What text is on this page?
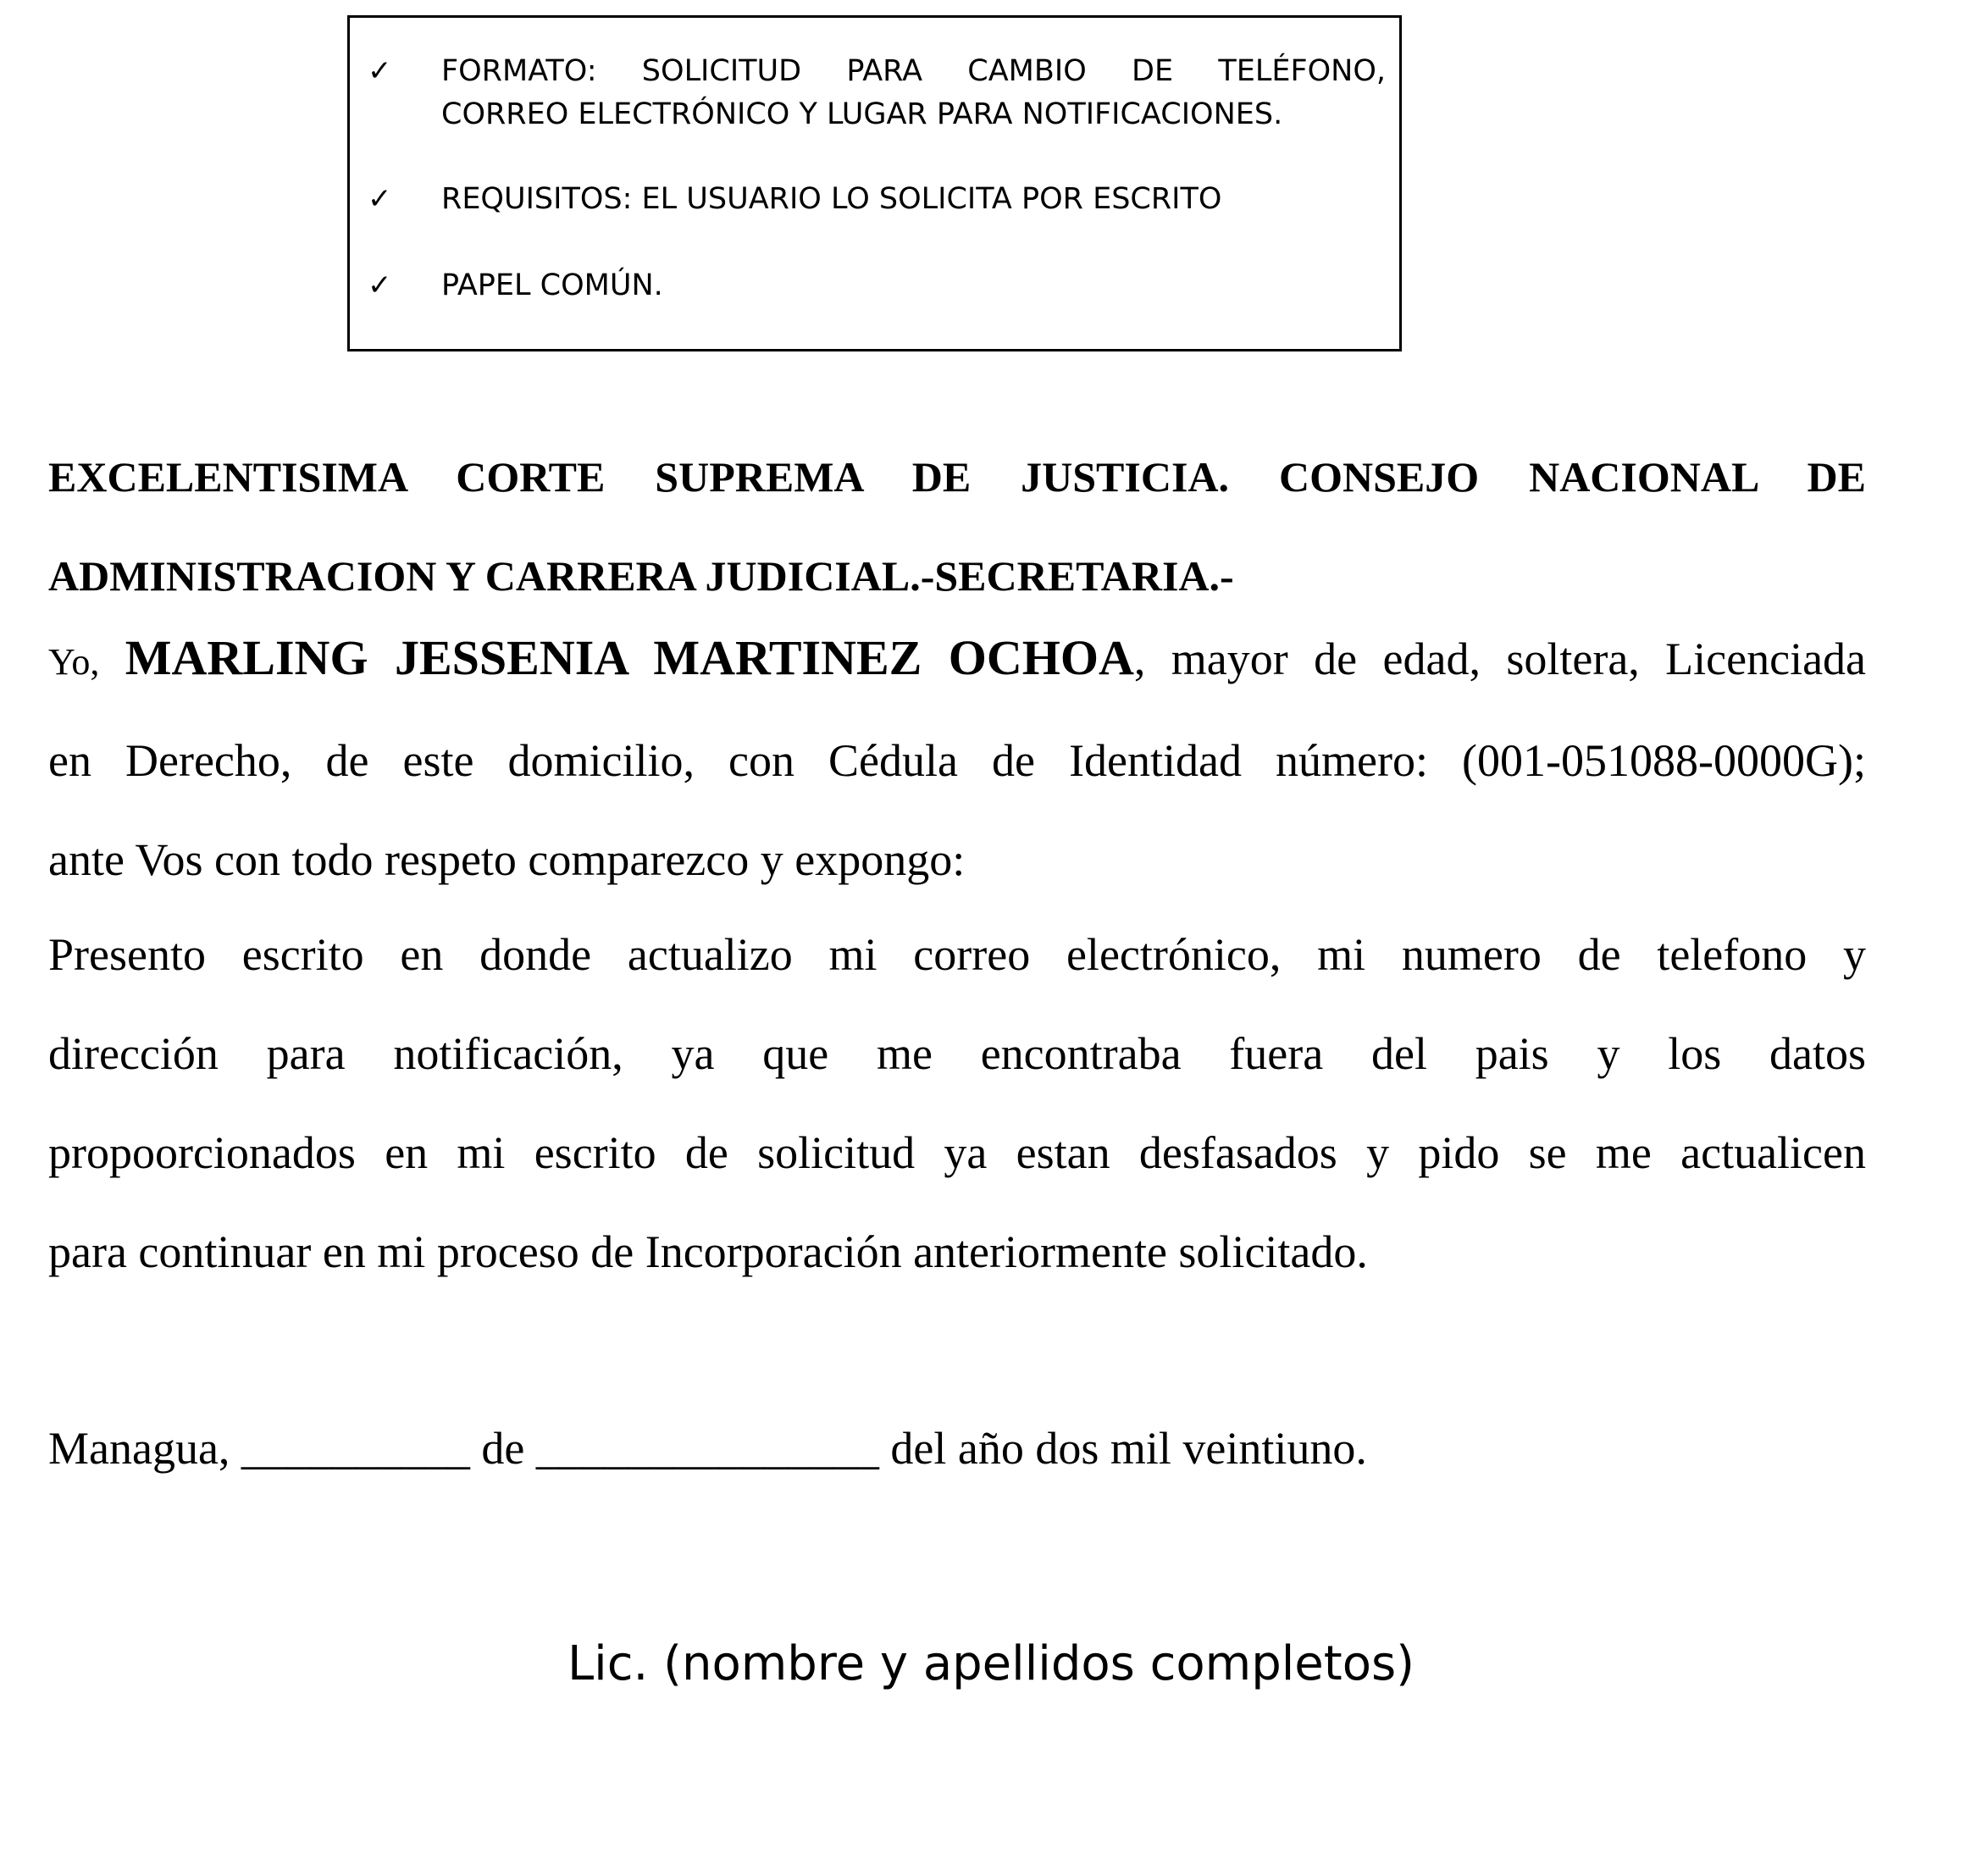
✓ FORMATO: SOLICITUD PARA CAMBIO DE TELÉFONO,
CORREO ELECTRÓNICO Y LUGAR PARA NOTIFICACIONES.
✓ REQUISITOS: EL USUARIO LO SOLICITA POR ESCRITO
✓ PAPEL COMÚN.
EXCELENTISIMA CORTE SUPREMA DE JUSTICIA. CONSEJO NACIONAL DE
ADMINISTRACION Y CARRERA JUDICIAL.-SECRETARIA.-
Yo, MARLING JESSENIA MARTINEZ OCHOA, mayor de edad, soltera, Licenciada
en Derecho, de este domicilio, con Cédula de Identidad número: (001-051088-0000G);
ante Vos con todo respeto comparezco y expongo:
Presento escrito en donde actualizo mi correo electrónico, mi numero de telefono y
dirección para notificación, ya que me encontraba fuera del pais y los datos
propoorcionados en mi escrito de solicitud ya estan desfasados y pido se me actualicen
para continuar en mi proceso de Incorporación anteriormente solicitado.
Managua, __________ de _______________ del año dos mil veintiuno.
Lic. (nombre y apellidos completos)
